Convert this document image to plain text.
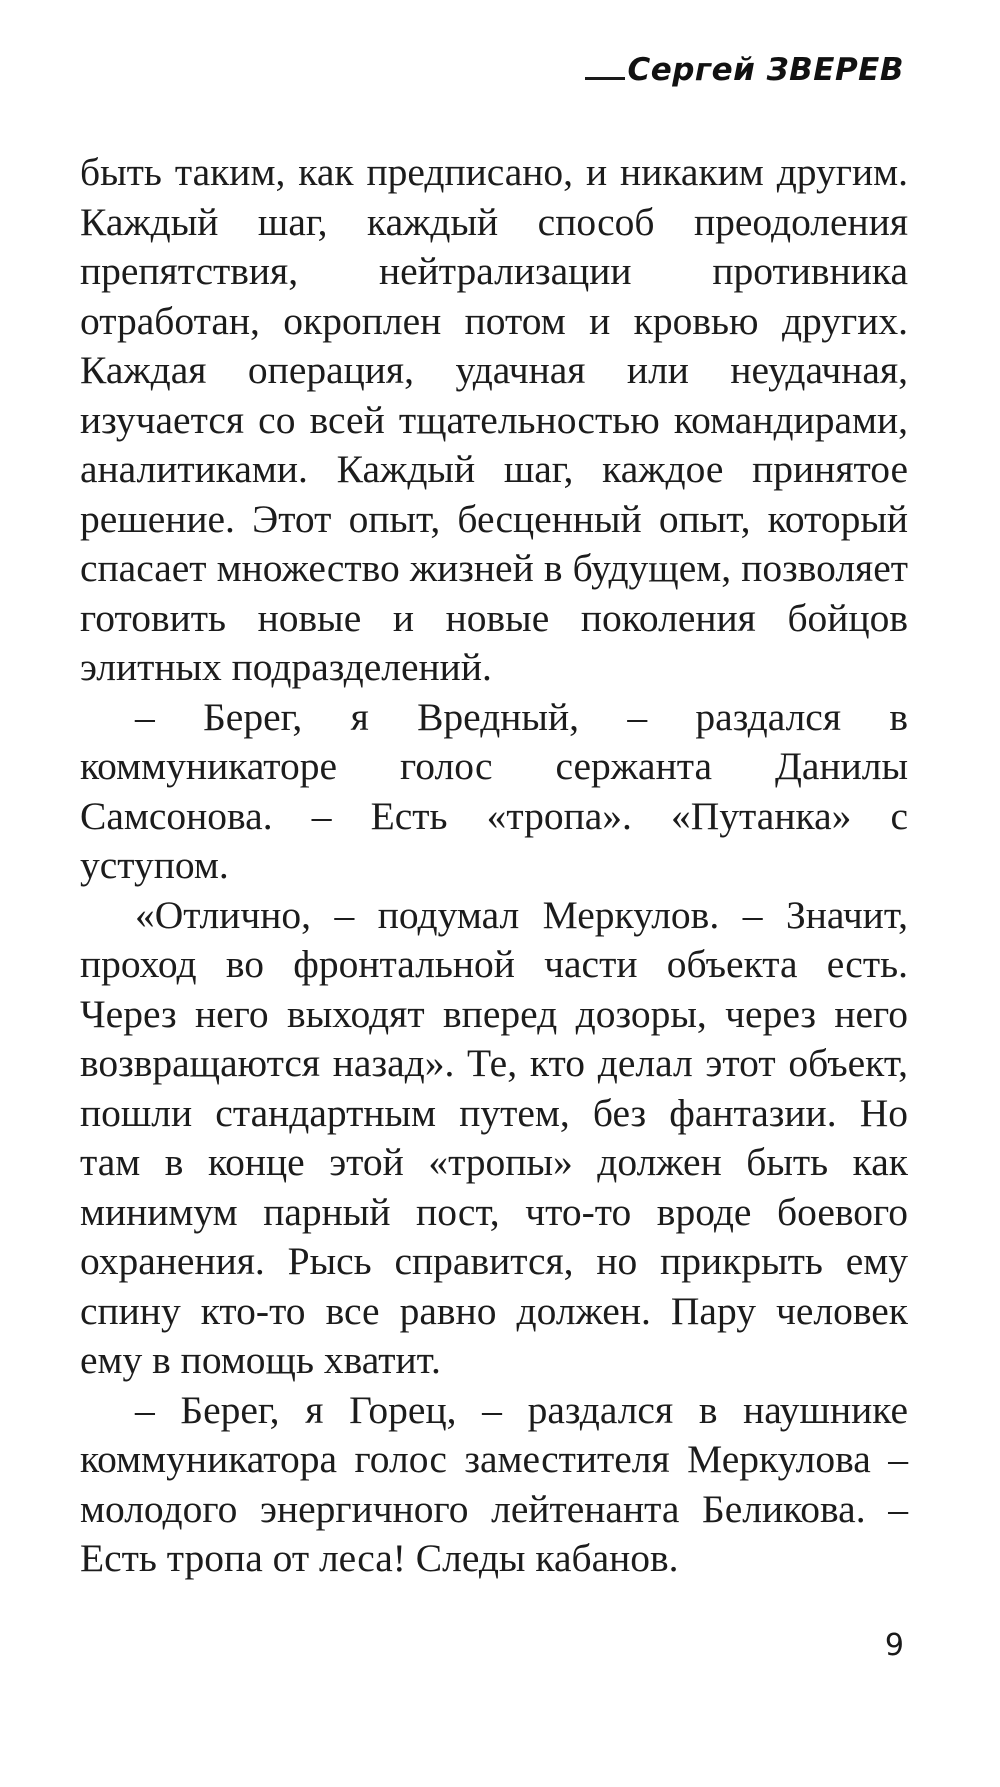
Сергей ЗВЕРЕВ

быть таким, как предписано, и никаким другим. Каждый шаг, каждый способ преодоления препятствия, нейтрализации противника отработан, окроплен потом и кровью других. Каждая операция, удачная или неудачная, изучается со всей тщательностью командирами, аналитиками. Каждый шаг, каждое принятое решение. Этот опыт, бесценный опыт, который спасает множество жизней в будущем, позволяет готовить новые и новые поколения бойцов элитных подразделений.

– Берег, я Вредный, – раздался в коммуникаторе голос сержанта Данилы Самсонова. – Есть «тропа». «Путанка» с уступом.

«Отлично, – подумал Меркулов. – Значит, проход во фронтальной части объекта есть. Через него выходят вперед дозоры, через него возвращаются назад». Те, кто делал этот объект, пошли стандартным путем, без фантазии. Но там в конце этой «тропы» должен быть как минимум парный пост, что-то вроде боевого охранения. Рысь справится, но прикрыть ему спину кто-то все равно должен. Пару человек ему в помощь хватит.

– Берег, я Горец, – раздался в наушнике коммуникатора голос заместителя Меркулова – молодого энергичного лейтенанта Беликова. – Есть тропа от леса! Следы кабанов.

9
